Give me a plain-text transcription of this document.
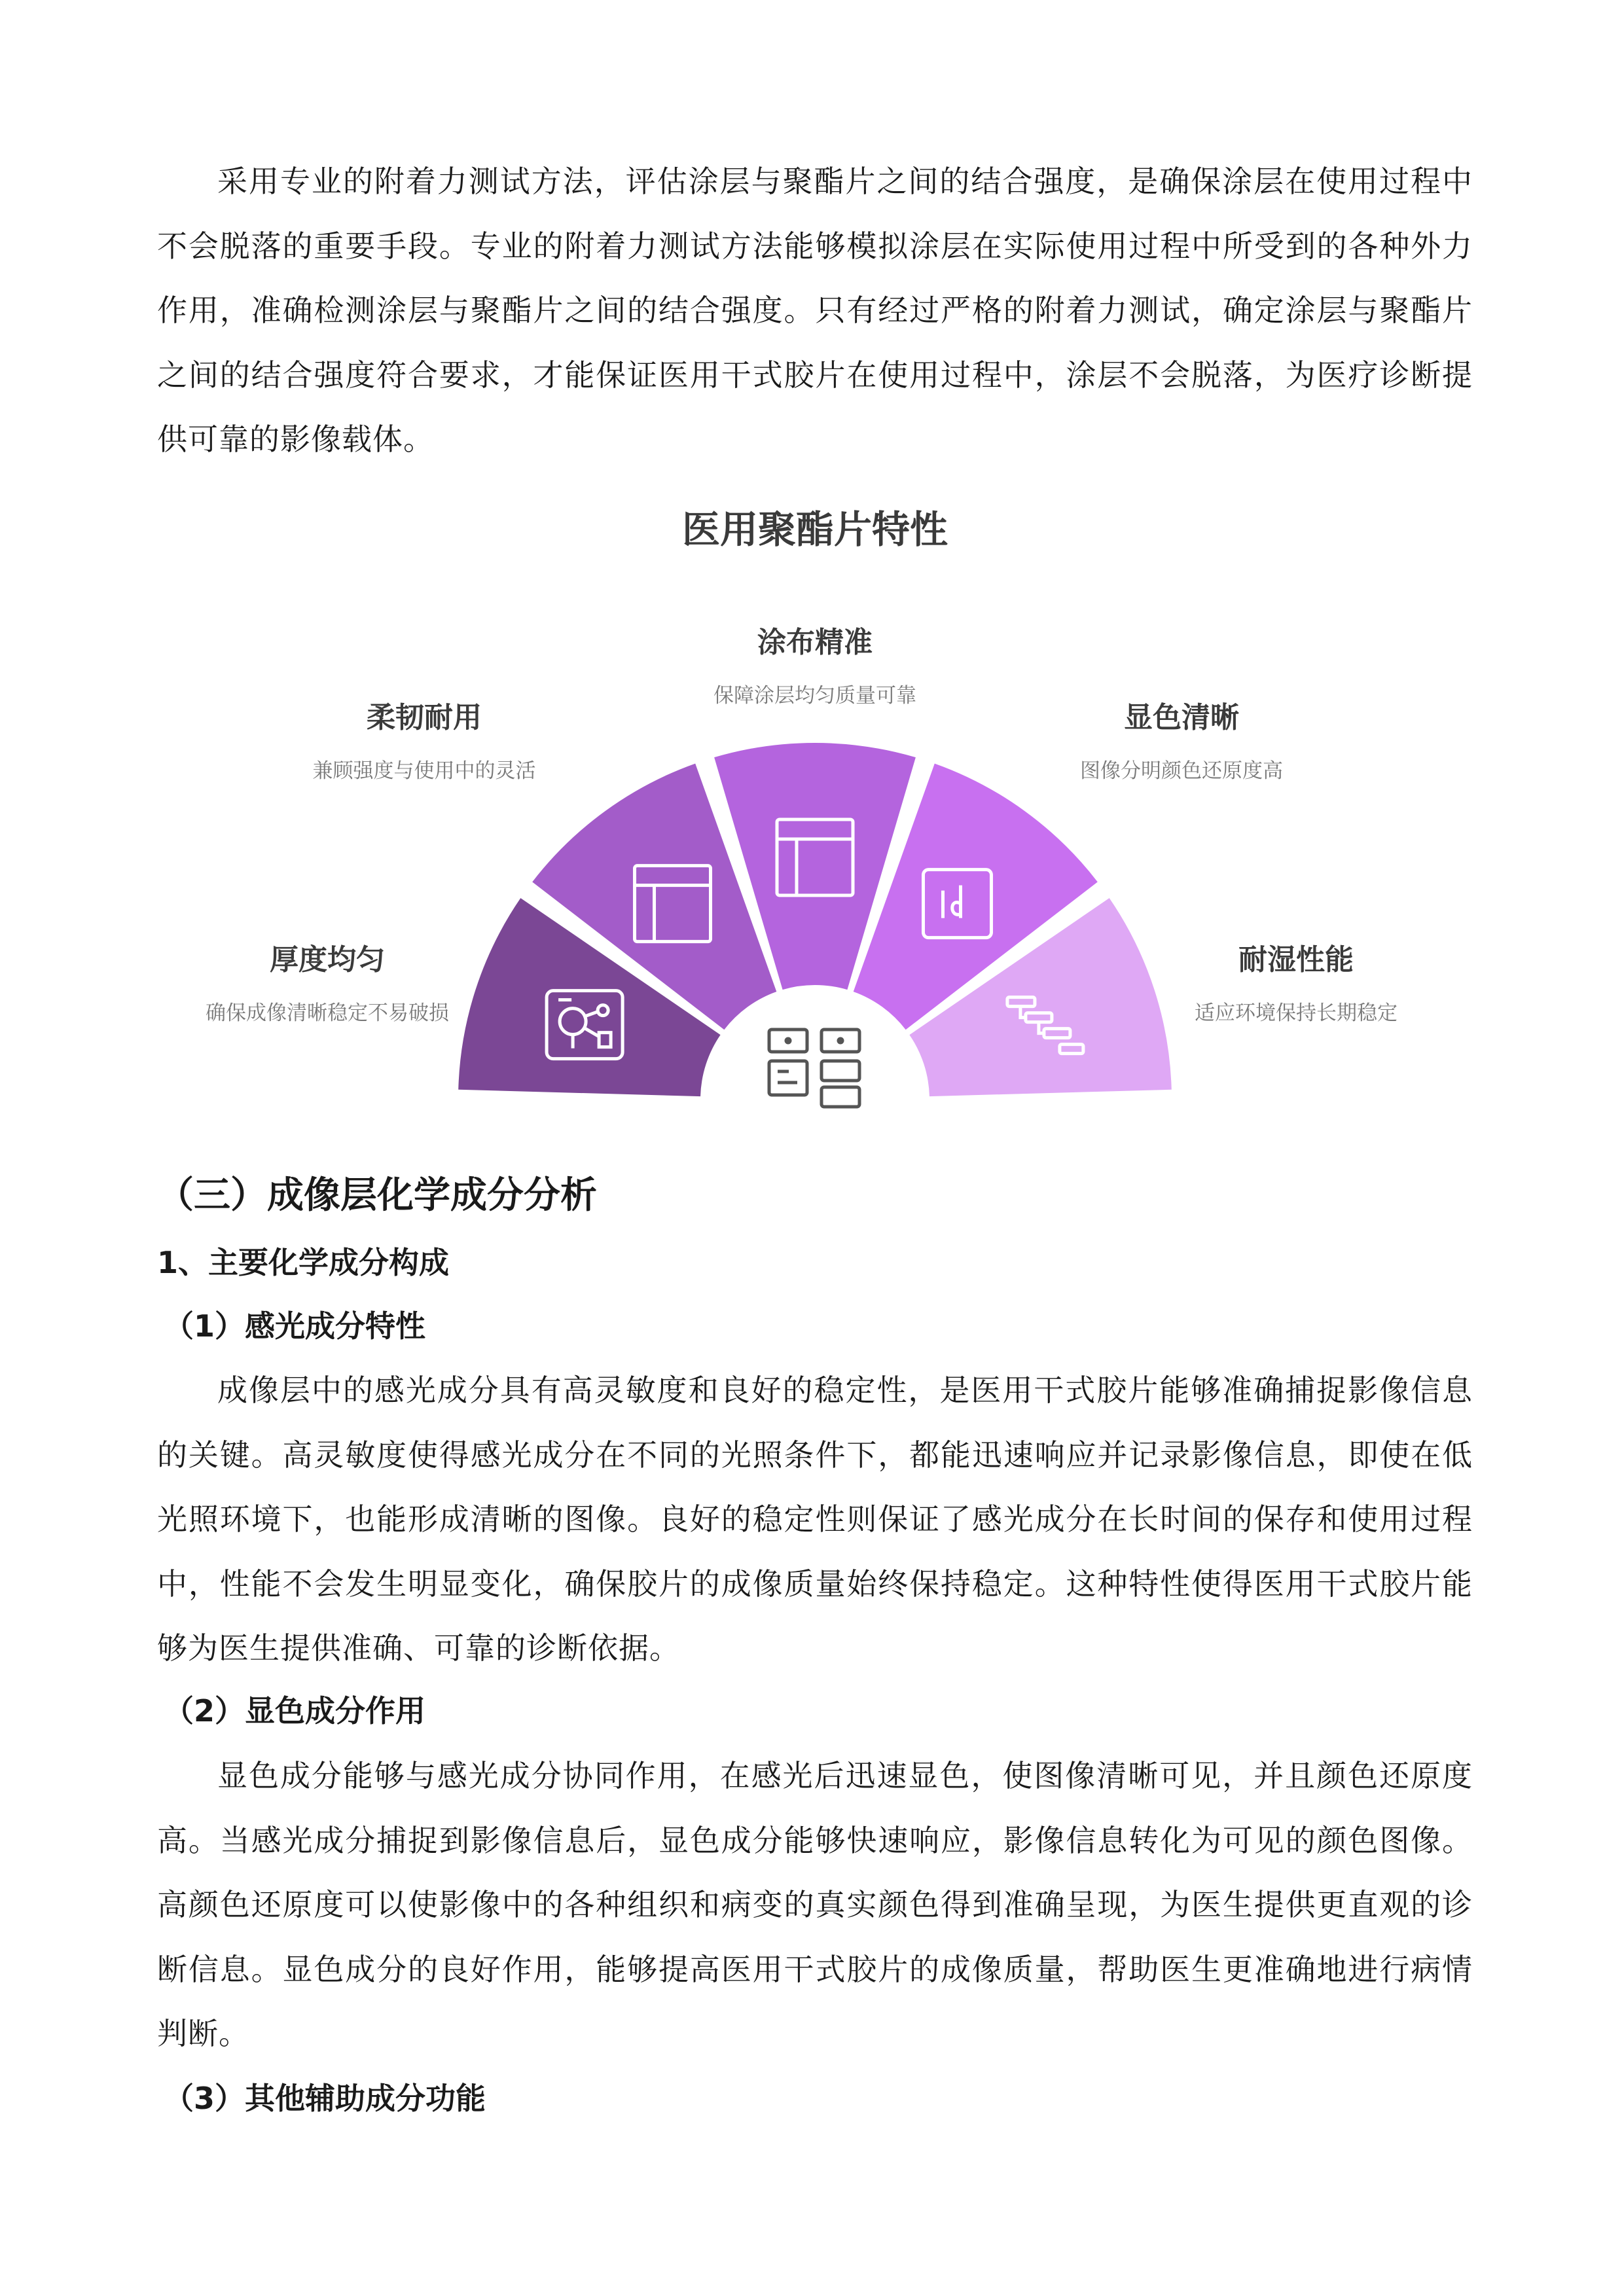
采用专业的附着力测试方法，评估涂层与聚酯片之间的结合强度，是确保涂层在使用过程中不会脱落的重要手段。专业的附着力测试方法能够模拟涂层在实际使用过程中所受到的各种外力作用，准确检测涂层与聚酯片之间的结合强度。只有经过严格的附着力测试，确定涂层与聚酯片之间的结合强度符合要求，才能保证医用干式胶片在使用过程中，涂层不会脱落，为医疗诊断提供可靠的影像载体。

医用聚酯片特性
涂布精准
保障涂层均匀质量可靠
柔韧耐用
兼顾强度与使用中的灵活
显色清晰
图像分明颜色还原度高
厚度均匀
确保成像清晰稳定不易破损
耐湿性能
适应环境保持长期稳定
（三）成像层化学成分分析
1、主要化学成分构成
（1）感光成分特性

成像层中的感光成分具有高灵敏度和良好的稳定性，是医用干式胶片能够准确捕捉影像信息的关键。高灵敏度使得感光成分在不同的光照条件下，都能迅速响应并记录影像信息，即使在低光照环境下，也能形成清晰的图像。良好的稳定性则保证了感光成分在长时间的保存和使用过程中，性能不会发生明显变化，确保胶片的成像质量始终保持稳定。这种特性使得医用干式胶片能够为医生提供准确、可靠的诊断依据。

（2）显色成分作用

显色成分能够与感光成分协同作用，在感光后迅速显色，使图像清晰可见，并且颜色还原度高。当感光成分捕捉到影像信息后，显色成分能够快速响应，影像信息转化为可见的颜色图像。高颜色还原度可以使影像中的各种组织和病变的真实颜色得到准确呈现，为医生提供更直观的诊断信息。显色成分的良好作用，能够提高医用干式胶片的成像质量，帮助医生更准确地进行病情判断。

（3）其他辅助成分功能
